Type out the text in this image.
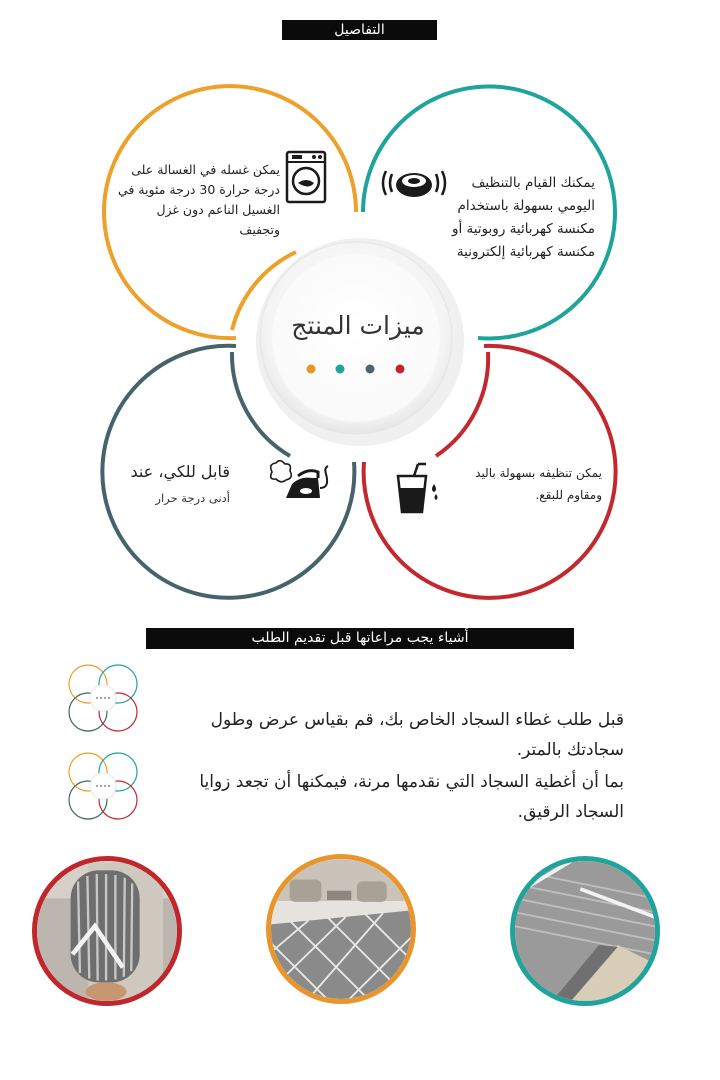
التفاصيل
ميزات المنتج
يمكن غسله في الغسالة على درجة حرارة 30 درجة مئوية في الغسيل الناعم دون غزل وتجفيف
يمكنك القيام بالتنظيف اليومي بسهولة باستخدام مكنسة كهربائية روبوتية أو مكنسة كهربائية إلكترونية
قابل للكي، عند
أدنى درجة حرار
يمكن تنظيفه بسهولة باليد ومقاوم للبقع.
أشياء يجب مراعاتها قبل تقديم الطلب
قبل طلب غطاء السجاد الخاص بك، قم بقياس عرض وطول سجادتك بالمتر.
بما أن أغطية السجاد التي نقدمها مرنة، فيمكنها أن تجعد زوايا السجاد الرقيق.
